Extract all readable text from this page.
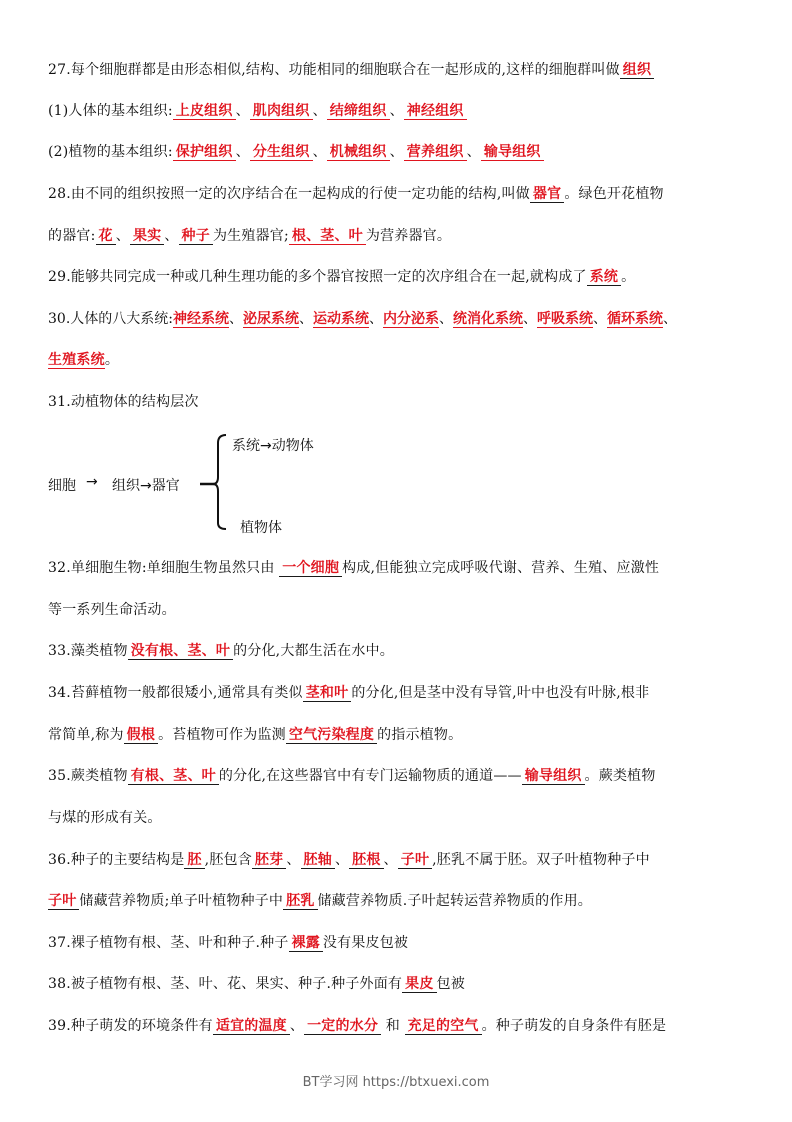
27.每个细胞群都是由形态相似,结构、功能相同的细胞联合在一起形成的,这样的细胞群叫做 组织
(1)人体的基本组织: 上皮组织 、 肌肉组织 、 结缔组织 、 神经组织
(2)植物的基本组织: 保护组织 、 分生组织 、 机械组织 、 营养组织 、 输导组织
28.由不同的组织按照一定的次序结合在一起构成的行使一定功能的结构,叫做 器官 。绿色开花植物
的器官: 花 、 果实 、 种子 为生殖器官; 根、茎、叶 为营养器官。
29.能够共同完成一种或几种生理功能的多个器官按照一定的次序组合在一起,就构成了 系统 。
30.人体的八大系统:神经系统、泌尿系统、运动系统、内分泌系、统消化系统、呼吸系统、循环系统、
生殖系统。
31.动植物体的结构层次
细胞 → 组织→器官
系统→动物体
植物体
32.单细胞生物:单细胞生物虽然只由 一个细胞 构成,但能独立完成呼吸代谢、营养、生殖、应激性
等一系列生命活动。
33.藻类植物 没有根、茎、叶 的分化,大都生活在水中。
34.苔藓植物一般都很矮小,通常具有类似 茎和叶 的分化,但是茎中没有导管,叶中也没有叶脉,根非
常简单,称为 假根 。苔植物可作为监测 空气污染程度 的指示植物。
35.蕨类植物 有根、茎、叶 的分化,在这些器官中有专门运输物质的通道—— 输导组织 。蕨类植物
与煤的形成有关。
36.种子的主要结构是 胚 ,胚包含 胚芽 、 胚轴 、 胚根 、 子叶 ,胚乳不属于胚。双子叶植物种子中
子叶 储藏营养物质;单子叶植物种子中 胚乳 储藏营养物质.子叶起转运营养物质的作用。
37.裸子植物有根、茎、叶和种子.种子 裸露 没有果皮包被
38.被子植物有根、茎、叶、花、果实、种子.种子外面有 果皮 包被
39.种子萌发的环境条件有 适宜的温度 、 一定的水分 和 充足的空气 。种子萌发的自身条件有胚是
BT学习网 https://btxuexi.com
